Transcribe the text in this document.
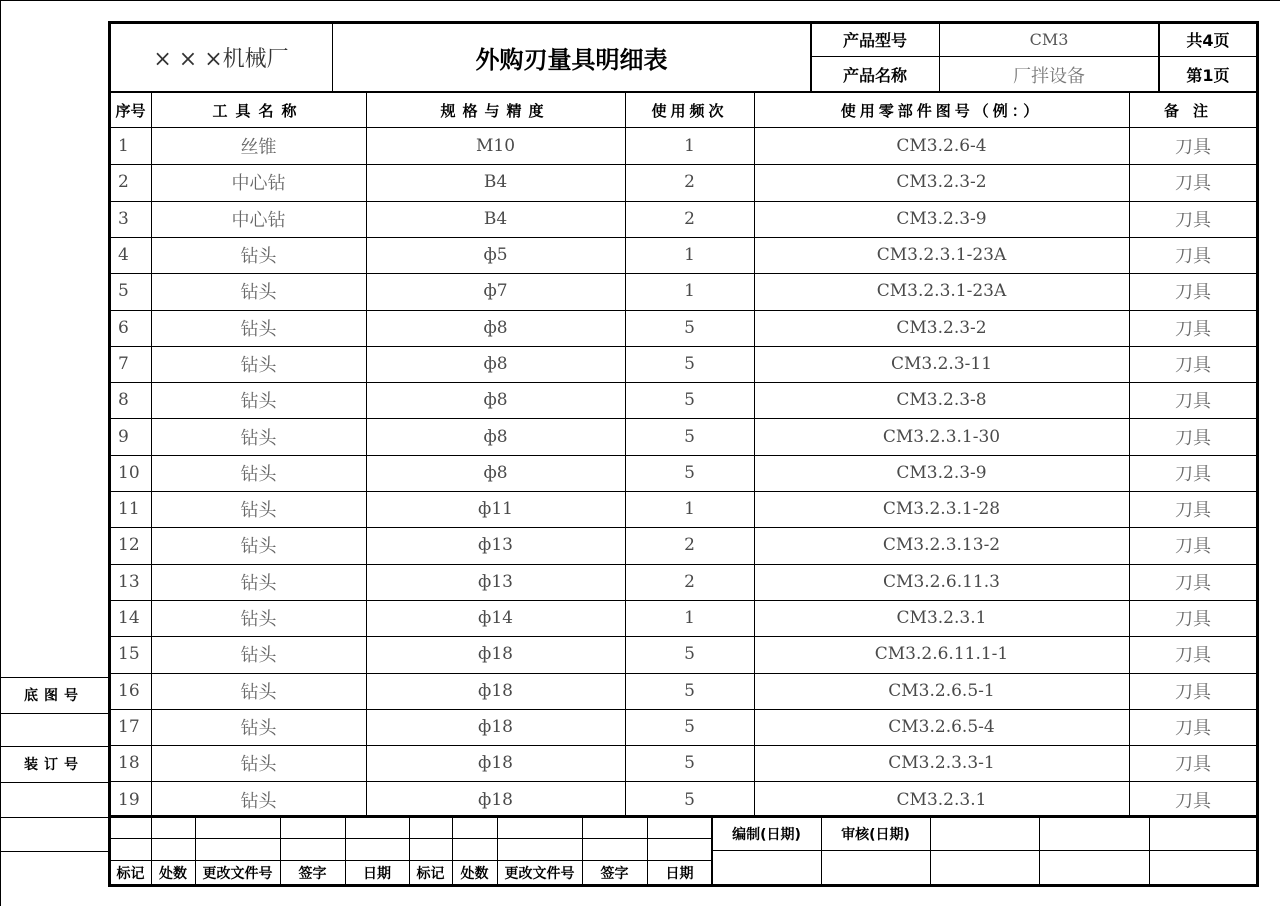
× × ×机械厂	外购刃量具明细表
产品型号	CM3	共4页
产品名称	厂拌设备	第1页
序号	工具名称	规格与精度	使用频次	使用零部件图号（例：）	备注
1	丝锥	M10	1	CM3.2.6-4	刀具
2	中心钻	B4	2	CM3.2.3-2	刀具
3	中心钻	B4	2	CM3.2.3-9	刀具
4	钻头	ф5	1	CM3.2.3.1-23A	刀具
5	钻头	ф7	1	CM3.2.3.1-23A	刀具
6	钻头	ф8	5	CM3.2.3-2	刀具
7	钻头	ф8	5	CM3.2.3-11	刀具
8	钻头	ф8	5	CM3.2.3-8	刀具
9	钻头	ф8	5	CM3.2.3.1-30	刀具
10	钻头	ф8	5	CM3.2.3-9	刀具
11	钻头	ф11	1	CM3.2.3.1-28	刀具
12	钻头	ф13	2	CM3.2.3.13-2	刀具
13	钻头	ф13	2	CM3.2.6.11.3	刀具
14	钻头	ф14	1	CM3.2.3.1	刀具
15	钻头	ф18	5	CM3.2.6.11.1-1	刀具
16	钻头	ф18	5	CM3.2.6.5-1	刀具
17	钻头	ф18	5	CM3.2.6.5-4	刀具
18	钻头	ф18	5	CM3.2.3.3-1	刀具
19	钻头	ф18	5	CM3.2.3.1	刀具
底图号
装订号
标记	处数	更改文件号	签字	日期	标记	处数	更改文件号	签字	日期
编制(日期)	审核(日期)
